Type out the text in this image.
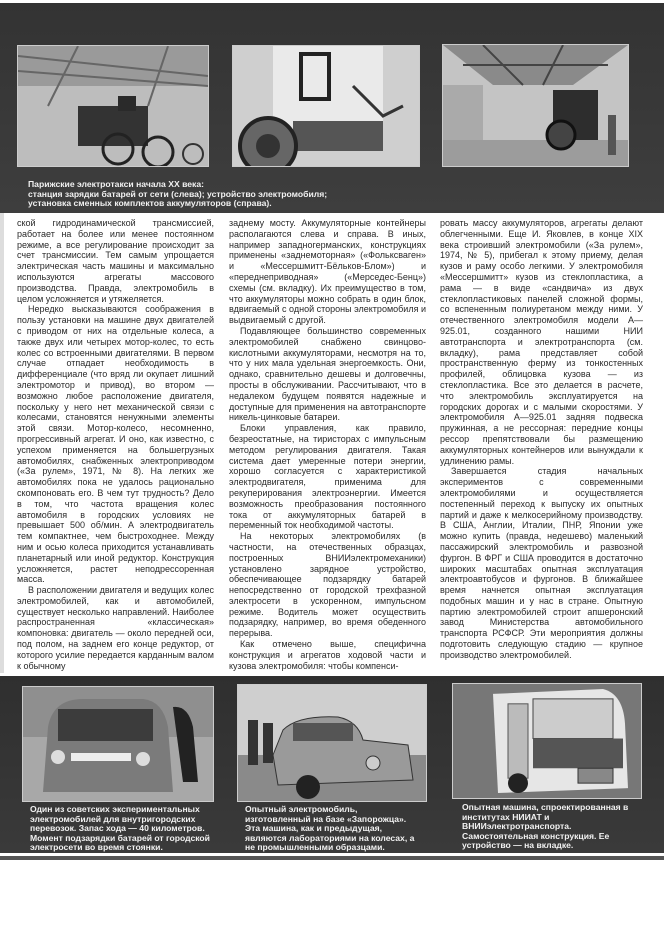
Парижские электротакси начала XX века:

станция зарядки батарей от сети (слева); устройство электромобиля; установка сменных комплектов аккумуляторов (справа).

ской гидродинамической трансмиссией, работает на более или менее постоянном режиме, а все регулирование происходит за счет трансмиссии. Тем самым упрощается электрическая часть машины и максимально используются агрегаты массового производства. Правда, электромобиль в целом усложняется и утяжеляется.

Нередко высказываются соображения в пользу установки на машине двух двигателей с приводом от них на отдельные колеса, а также двух или четырех мотор-колес, то есть колес со встроенными двигателями. В первом случае отпадает необходимость в дифференциале (что вряд ли окупает лишний электромотор и привод), во втором — возможно любое расположение двигателя, поскольку у него нет механической связи с колесами, становятся ненужными элементы этой связи. Мотор-колесо, несомненно, прогрессивный агрегат. И оно, как известно, с успехом применяется на большегрузных автомобилях, снабженных электроприводом («За рулем», 1971, № 8). На легких же автомобилях пока не удалось рационально скомпоновать его. В чем тут трудность? Дело в том, что частота вращения колес автомобиля в городских условиях не превышает 500 об/мин. А электродвигатель тем компактнее, чем быстроходнее. Между ним и осью колеса приходится устанавливать планетарный или иной редуктор. Конструкция усложняется, растет неподрессоренная масса.

В расположении двигателя и ведущих колес электромобилей, как и автомобилей, существует несколько направлений. Наиболее распространенная «классическая» компоновка: двигатель — около передней оси, под полом, на заднем его конце редуктор, от которого усилие передается карданным валом к обычному

заднему мосту. Аккумуляторные контейнеры располагаются слева и справа. В иных, например западногерманских, конструкциях применены «заднемоторная» («Фольксваген» и «Мессершмитт-Бёльков-Блом») и «переднеприводная» («Мерседес-Бенц») схемы (см. вкладку). Их преимущество в том, что аккумуляторы можно собрать в один блок, вдвигаемый с одной стороны электромобиля и выдвигаемый с другой.

Подавляющее большинство современных электромобилей снабжено свинцово-кислотными аккумуляторами, несмотря на то, что у них мала удельная энергоемкость. Они, однако, сравнительно дешевы и долговечны, просты в обслуживании. Рассчитывают, что в недалеком будущем появятся надежные и доступные для применения на автотранспорте никель-цинковые батареи.

Блоки управления, как правило, безреостатные, на тиристорах с импульсным методом регулирования двигателя. Такая система дает умеренные потери энергии, хорошо согласуется с характеристикой электродвигателя, применима для рекуперирования электроэнергии. Имеется возможность преобразования постоянного тока от аккумуляторных батарей в переменный ток необходимой частоты.

На некоторых электромобилях (в частности, на отечественных образцах, построенных ВНИИэлектромеханики) установлено зарядное устройство, обеспечивающее подзарядку батарей непосредственно от городской трехфазной электросети в ускоренном, импульсном режиме. Водитель может осуществить подзарядку, например, во время обеденного перерыва.

Как отмечено выше, специфична конструкция и агрегатов ходовой части и кузова электромобиля: чтобы компенси-

ровать массу аккумуляторов, агрегаты делают облегченными. Еще И. Яковлев, в конце XIX века строивший электромобили («За рулем», 1974, № 5), прибегал к этому приему, делая кузов и раму особо легкими. У электромобиля «Мессершмитт» кузов из стеклопластика, а рама — в виде «сандвича» из двух стеклопластиковых панелей сложной формы, со вспененным полиуретаном между ними. У отечественного электромобиля модели А—925.01, созданного нашими НИИ автотранспорта и электротранспорта (см. вкладку), рама представляет собой пространственную ферму из тонкостенных профилей, облицовка кузова — из стеклопластика. Все это делается в расчете, что электромобиль эксплуатируется на городских дорогах и с малыми скоростями. У электромобиля А—925.01 задняя подвеска пружинная, а не рессорная: передние концы рессор препятствовали бы размещению аккумуляторных контейнеров или вынуждали к удлинению рамы.

Завершается стадия начальных экспериментов с современными электромобилями и осуществляется постепенный переход к выпуску их опытных партий и даже к мелкосерийному производству. В США, Англии, Италии, ПНР, Японии уже можно купить (правда, недешево) маленький пассажирский электромобиль и развозной фургон. В ФРГ и США проводится в достаточно широких масштабах опытная эксплуатация электроавтобусов и фургонов. В ближайшее время начнется опытная эксплуатация подобных машин и у нас в стране. Опытную партию электромобилей строит апшеронский завод Министерства автомобильного транспорта РСФСР. Эти мероприятия должны подготовить следующую стадию — крупное производство электромобилей.

Один из советских экспериментальных электромобилей для внутригородских перевозок. Запас хода — 40 километров. Момент подзарядки батарей от городской электросети во время стоянки.

Опытный электромобиль, изготовленный на базе «Запорожца». Эта машина, как и предыдущая, являются лабораториями на колесах, а не промышленными образцами.

Опытная машина, спроектированная в институтах НИИАТ и ВНИИэлектротранспорта. Самостоятельная конструкция. Ее устройство — на вкладке.
